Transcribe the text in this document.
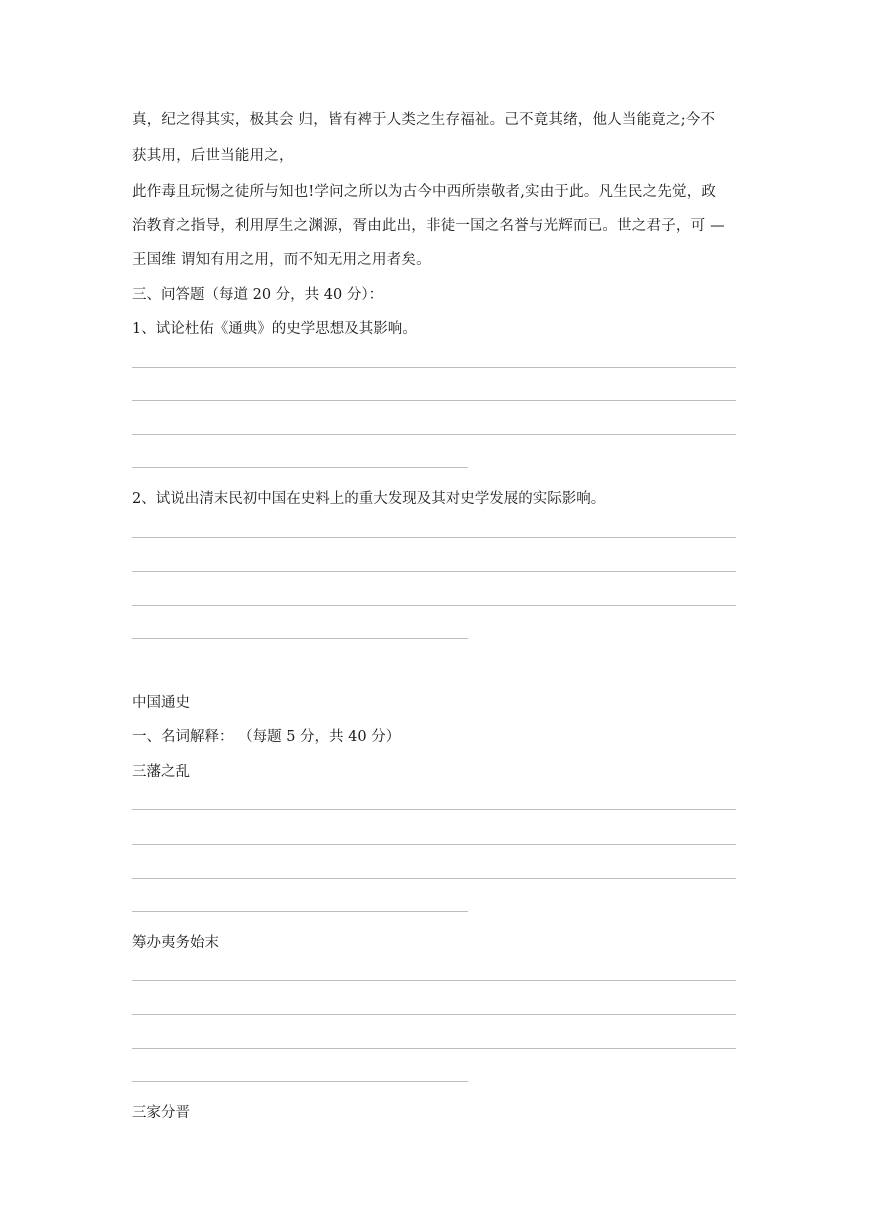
真，纪之得其实，极其会 归，皆有裨于人类之生存福祉。己不竟其绪，他人当能竟之;今不
获其用，后世当能用之，
此作毒且玩惕之徒所与知也!学问之所以为古今中西所崇敬者,实由于此。凡生民之先觉，政
治教育之指导，利用厚生之渊源，胥由此出，非徒一国之名誉与光辉而已。世之君子，可 —
王国维 谓知有用之用，而不知无用之用者矣。
三、问答题（每道 20 分，共 40 分）：
1、试论杜佑《通典》的史学思想及其影响。
2、试说出清末民初中国在史料上的重大发现及其对史学发展的实际影响。
中国通史
一、名词解释： （每题 5 分，共 40 分）
三藩之乱
筹办夷务始末
三家分晋
